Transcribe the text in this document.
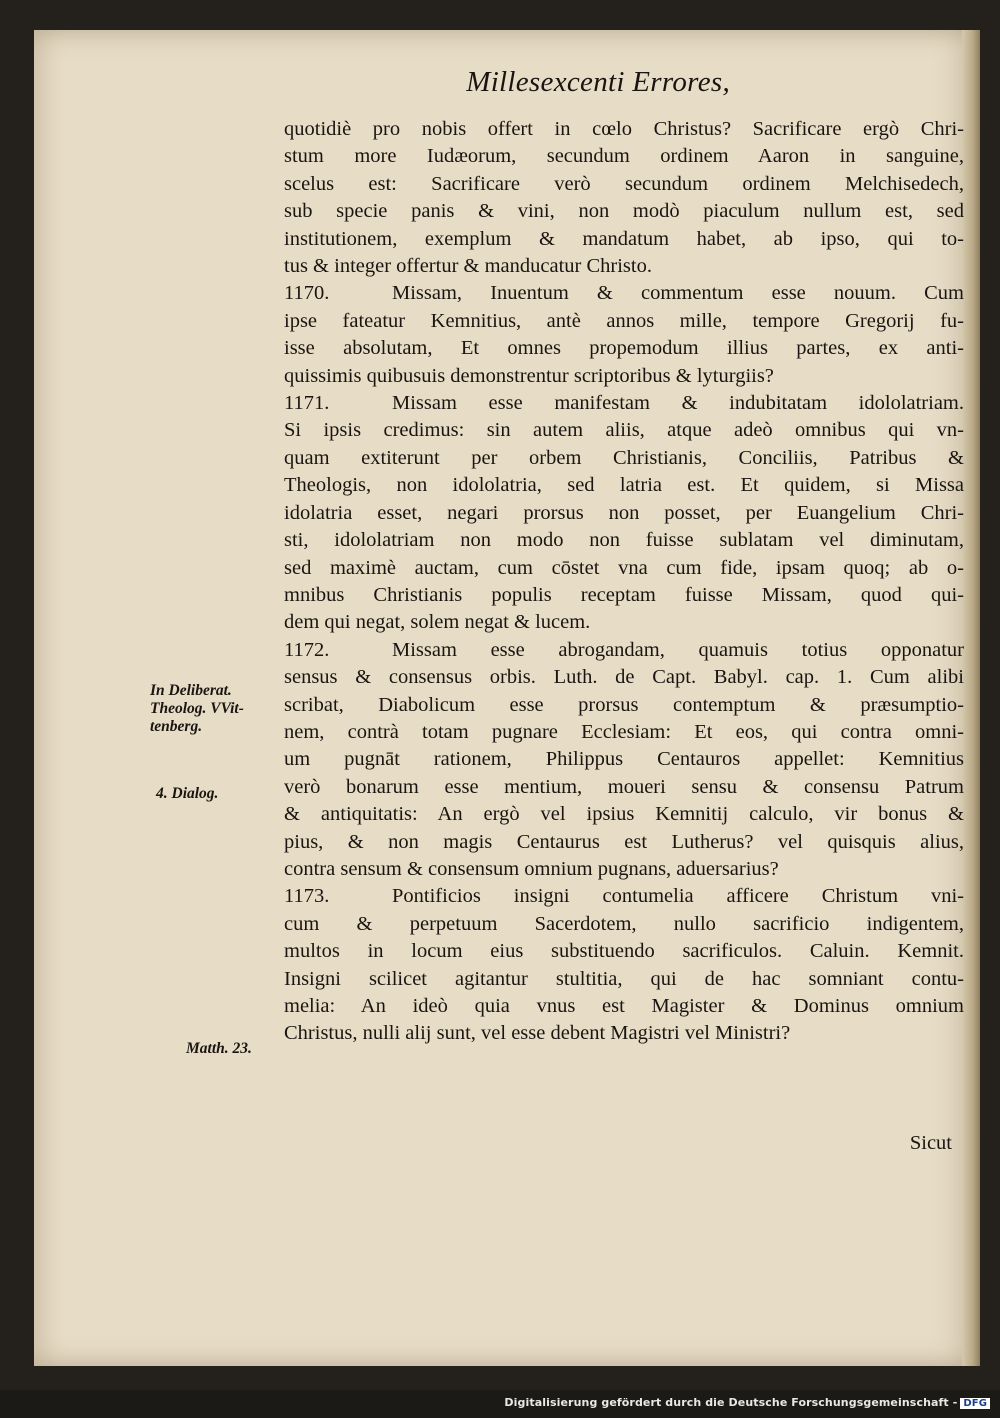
Millesexcenti Errores,
quotidiè pro nobis offert in cœlo Christus? Sacrificare ergò Chri-
stum more Iudæorum, secundum ordinem Aaron in sanguine,
scelus est: Sacrificare verò secundum ordinem Melchisedech,
sub specie panis & vini, non modò piaculum nullum est, sed
institutionem, exemplum & mandatum habet, ab ipso, qui to-
tus & integer offertur & manducatur Christo.
1170.	Missam, Inuentum & commentum esse nouum. Cum
ipse fateatur Kemnitius, antè annos mille, tempore Gregorij fu-
isse absolutam, Et omnes propemodum illius partes, ex anti-
quissimis quibusuis demonstrentur scriptoribus & lyturgiis?
1171.	Missam esse manifestam & indubitatam idololatriam.
Si ipsis credimus: sin autem aliis, atque adeò omnibus qui vn-
quam extiterunt per orbem Christianis, Conciliis, Patribus &
Theologis, non idololatria, sed latria est. Et quidem, si Missa
idolatria esset, negari prorsus non posset, per Euangelium Chri-
sti, idololatriam non modo non fuisse sublatam vel diminutam,
sed maximè auctam, cum cōstet vna cum fide, ipsam quoq; ab o-
mnibus Christianis populis receptam fuisse Missam, quod qui-
dem qui negat, solem negat & lucem.
1172.	Missam esse abrogandam, quamuis totius opponatur
sensus & consensus orbis. Luth. de Capt. Babyl. cap. 1. Cum alibi
scribat, Diabolicum esse prorsus contemptum & præsumptio-
nem, contrà totam pugnare Ecclesiam: Et eos, qui contra omni-
um pugnāt rationem, Philippus Centauros appellet: Kemnitius
verò bonarum esse mentium, moueri sensu & consensu Patrum
& antiquitatis: An ergò vel ipsius Kemnitij calculo, vir bonus &
pius, & non magis Centaurus est Lutherus? vel quisquis alius,
contra sensum & consensum omnium pugnans, aduersarius?
1173.	Pontificios insigni contumelia afficere Christum vni-
cum & perpetuum Sacerdotem, nullo sacrificio indigentem,
multos in locum eius substituendo sacrificulos. Caluin. Kemnit.
Insigni scilicet agitantur stultitia, qui de hac somniant contu-
melia: An ideò quia vnus est Magister & Dominus omnium
Christus, nulli alij sunt, vel esse debent Magistri vel Ministri?
Sicut
In Deliberat. Theolog. VVit- tenberg.
4. Dialog.
Matth. 23.
Digitalisierung gefördert durch die Deutsche Forschungsgemeinschaft - DFG
